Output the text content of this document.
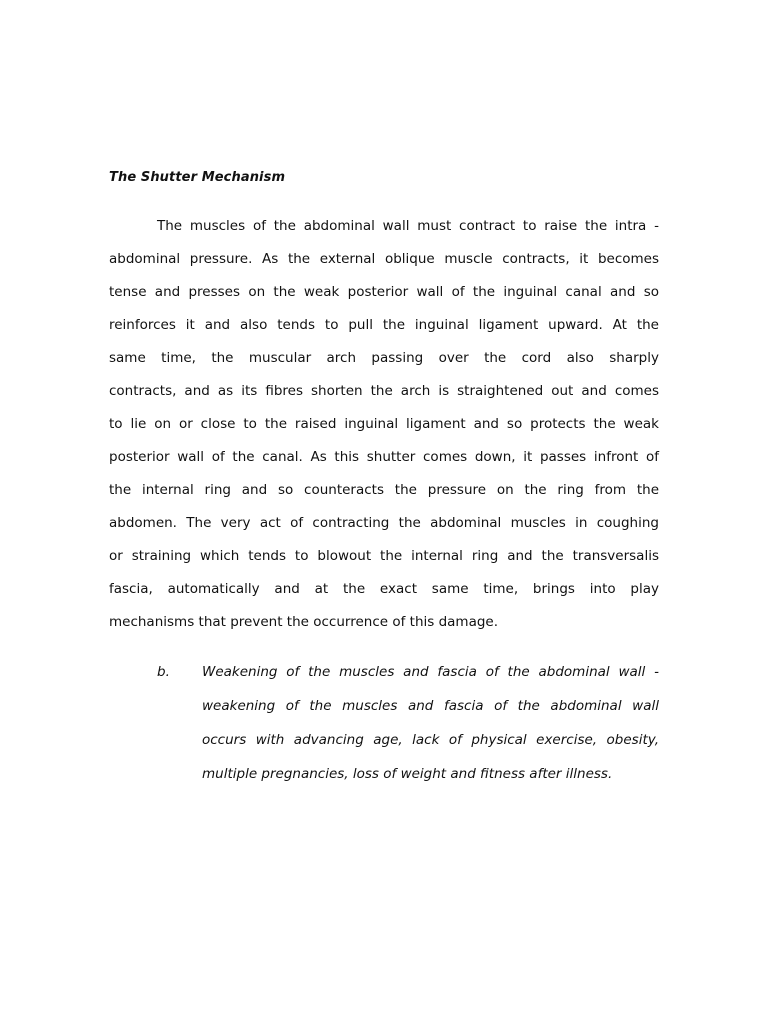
The Shutter Mechanism
The muscles of the abdominal wall must contract to raise the intra -
abdominal pressure. As the external oblique muscle contracts, it becomes
tense and presses on the weak posterior wall of the inguinal canal and so
reinforces it and also tends to pull the inguinal ligament upward. At the
same time, the muscular arch passing over the cord also sharply
contracts, and as its fibres shorten the arch is straightened out and comes
to lie on or close to the raised inguinal ligament and so protects the weak
posterior wall of the canal. As this shutter comes down, it passes infront of
the internal ring and so counteracts the pressure on the ring from the
abdomen. The very act of contracting the abdominal muscles in coughing
or straining which tends to blowout the internal ring and the transversalis
fascia, automatically and at the exact same time, brings into play
mechanisms that prevent the occurrence of this damage.
b. Weakening of the muscles and fascia of the abdominal wall -
weakening of the muscles and fascia of the abdominal wall
occurs with advancing age, lack of physical exercise, obesity,
multiple pregnancies, loss of weight and fitness after illness.
